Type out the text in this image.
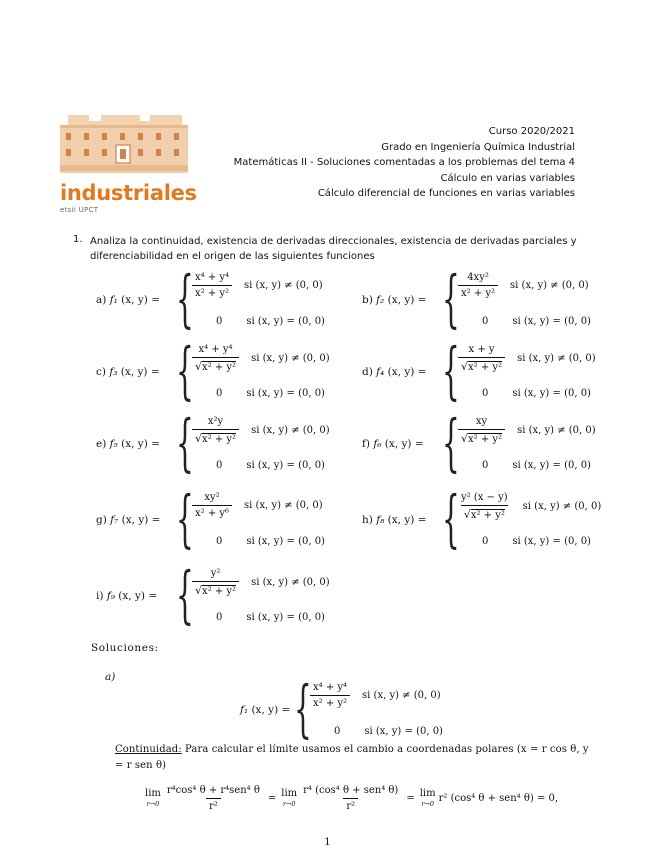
industriales
etsii UPCT
Curso 2020/2021
Grado en Ingeniería Química Industrial
Matemáticas II - Soluciones comentadas a los problemas del tema 4
Cálculo en varias variables
Cálculo diferencial de funciones en varias variables
1. Analiza la continuidad, existencia de derivadas direccionales, existencia de derivadas parciales y diferenciabilidad en el origen de las siguientes funciones
a) f₁ (x, y) = {
$\frac{\text{x⁴ + y⁴}}{\text{x² + y²}}$ si (x, y) ≠ (0, 0)
0 si (x, y) = (0, 0)
b) f₂ (x, y) = {
$\frac{\text{4xy²}}{\text{x² + y²}}$ si (x, y) ≠ (0, 0)
0 si (x, y) = (0, 0)
c) f₃ (x, y) = {
$\frac{\text{x⁴ + y⁴}}{\text{√ x² + y²}}$ si (x, y) ≠ (0, 0)
0 si (x, y) = (0, 0)
d) f₄ (x, y) = {
$\frac{x + y}{\text{√ x² + y²}}$ si (x, y) ≠ (0, 0)
0 si (x, y) = (0, 0)
e) f₅ (x, y) = {
$\frac{\text{x²y}}{\text{√ x² + y²}}$ si (x, y) ≠ (0, 0)
0 si (x, y) = (0, 0)
f) f₆ (x, y) = {
$\frac{xy}{\text{√ x² + y²}}$ si (x, y) ≠ (0, 0)
0 si (x, y) = (0, 0)
g) f₇ (x, y) = {
$\frac{\text{xy²}}{\text{x² + y⁶}}$ si (x, y) ≠ (0, 0)
0 si (x, y) = (0, 0)
h) f₈ (x, y) = {
$\frac{\text{y² (x − y)}}{\text{√ x² + y²}}$ si (x, y) ≠ (0, 0)
0 si (x, y) = (0, 0)
i) f₉ (x, y) = {
$\frac{\text{y²}}{\text{√ x² + y²}}$ si (x, y) ≠ (0, 0)
0 si (x, y) = (0, 0)
Soluciones:
a)
f₁ (x, y) = {
$\frac{\text{x⁴ + y⁴}}{\text{x² + y²}}$ si (x, y) ≠ (0, 0)
0 si (x, y) = (0, 0)
Continuidad: Para calcular el límite usamos el cambio a coordenadas polares (x = r cos θ, y = r sen θ)
lim
$r\to 0 \frac{\text{r⁴cos⁴ θ + r⁴sen⁴ θ}}{\text{r²}} = \lim$
$r\to 0 \frac{\text{r⁴ (cos⁴ θ + sen⁴ θ)}}{\text{r²}} = \lim$
r→0 r² (cos⁴ θ + sen⁴ θ) = 0,
1
